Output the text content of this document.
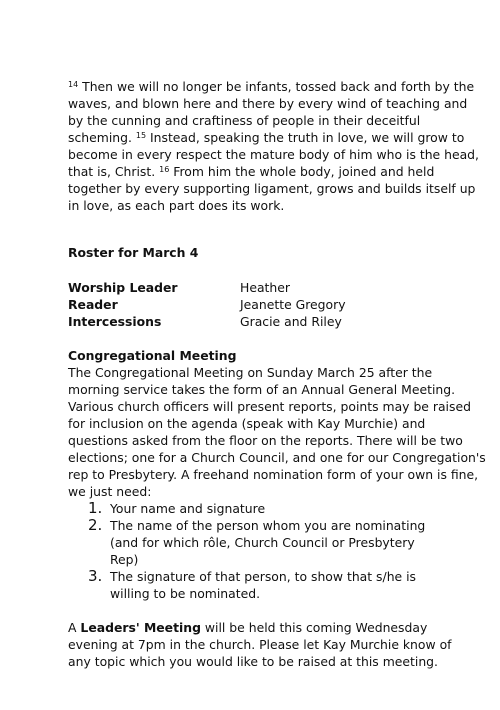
$^{14}$ Then we will no longer be infants, tossed back and forth by the waves, and blown here and there by every wind of teaching and by the cunning and craftiness of people in their deceitful scheming. $^{15}$ Instead, speaking the truth in love, we will grow to become in every respect the mature body of him who is the head, that is, Christ. $^{16}$ From him the whole body, joined and held together by every supporting ligament, grows and builds itself up in love, as each part does its work.

Roster for March 4

Worship Leader	Heather
Reader	Jeanette Gregory
Intercessions	Gracie and Riley

Congregational Meeting

The Congregational Meeting on Sunday March 25 after the morning service takes the form of an Annual General Meeting. Various church officers will present reports, points may be raised for inclusion on the agenda (speak with Kay Murchie) and questions asked from the floor on the reports. There will be two elections; one for a Church Council, and one for our Congregation's rep to Presbytery. A freehand nomination form of your own is fine, we just need:

1. Your name and signature
2. The name of the person whom you are nominating (and for which rôle, Church Council or Presbytery Rep)
3. The signature of that person, to show that s/he is willing to be nominated.

A Leaders' Meeting will be held this coming Wednesday evening at 7pm in the church. Please let Kay Murchie know of any topic which you would like to be raised at this meeting.
